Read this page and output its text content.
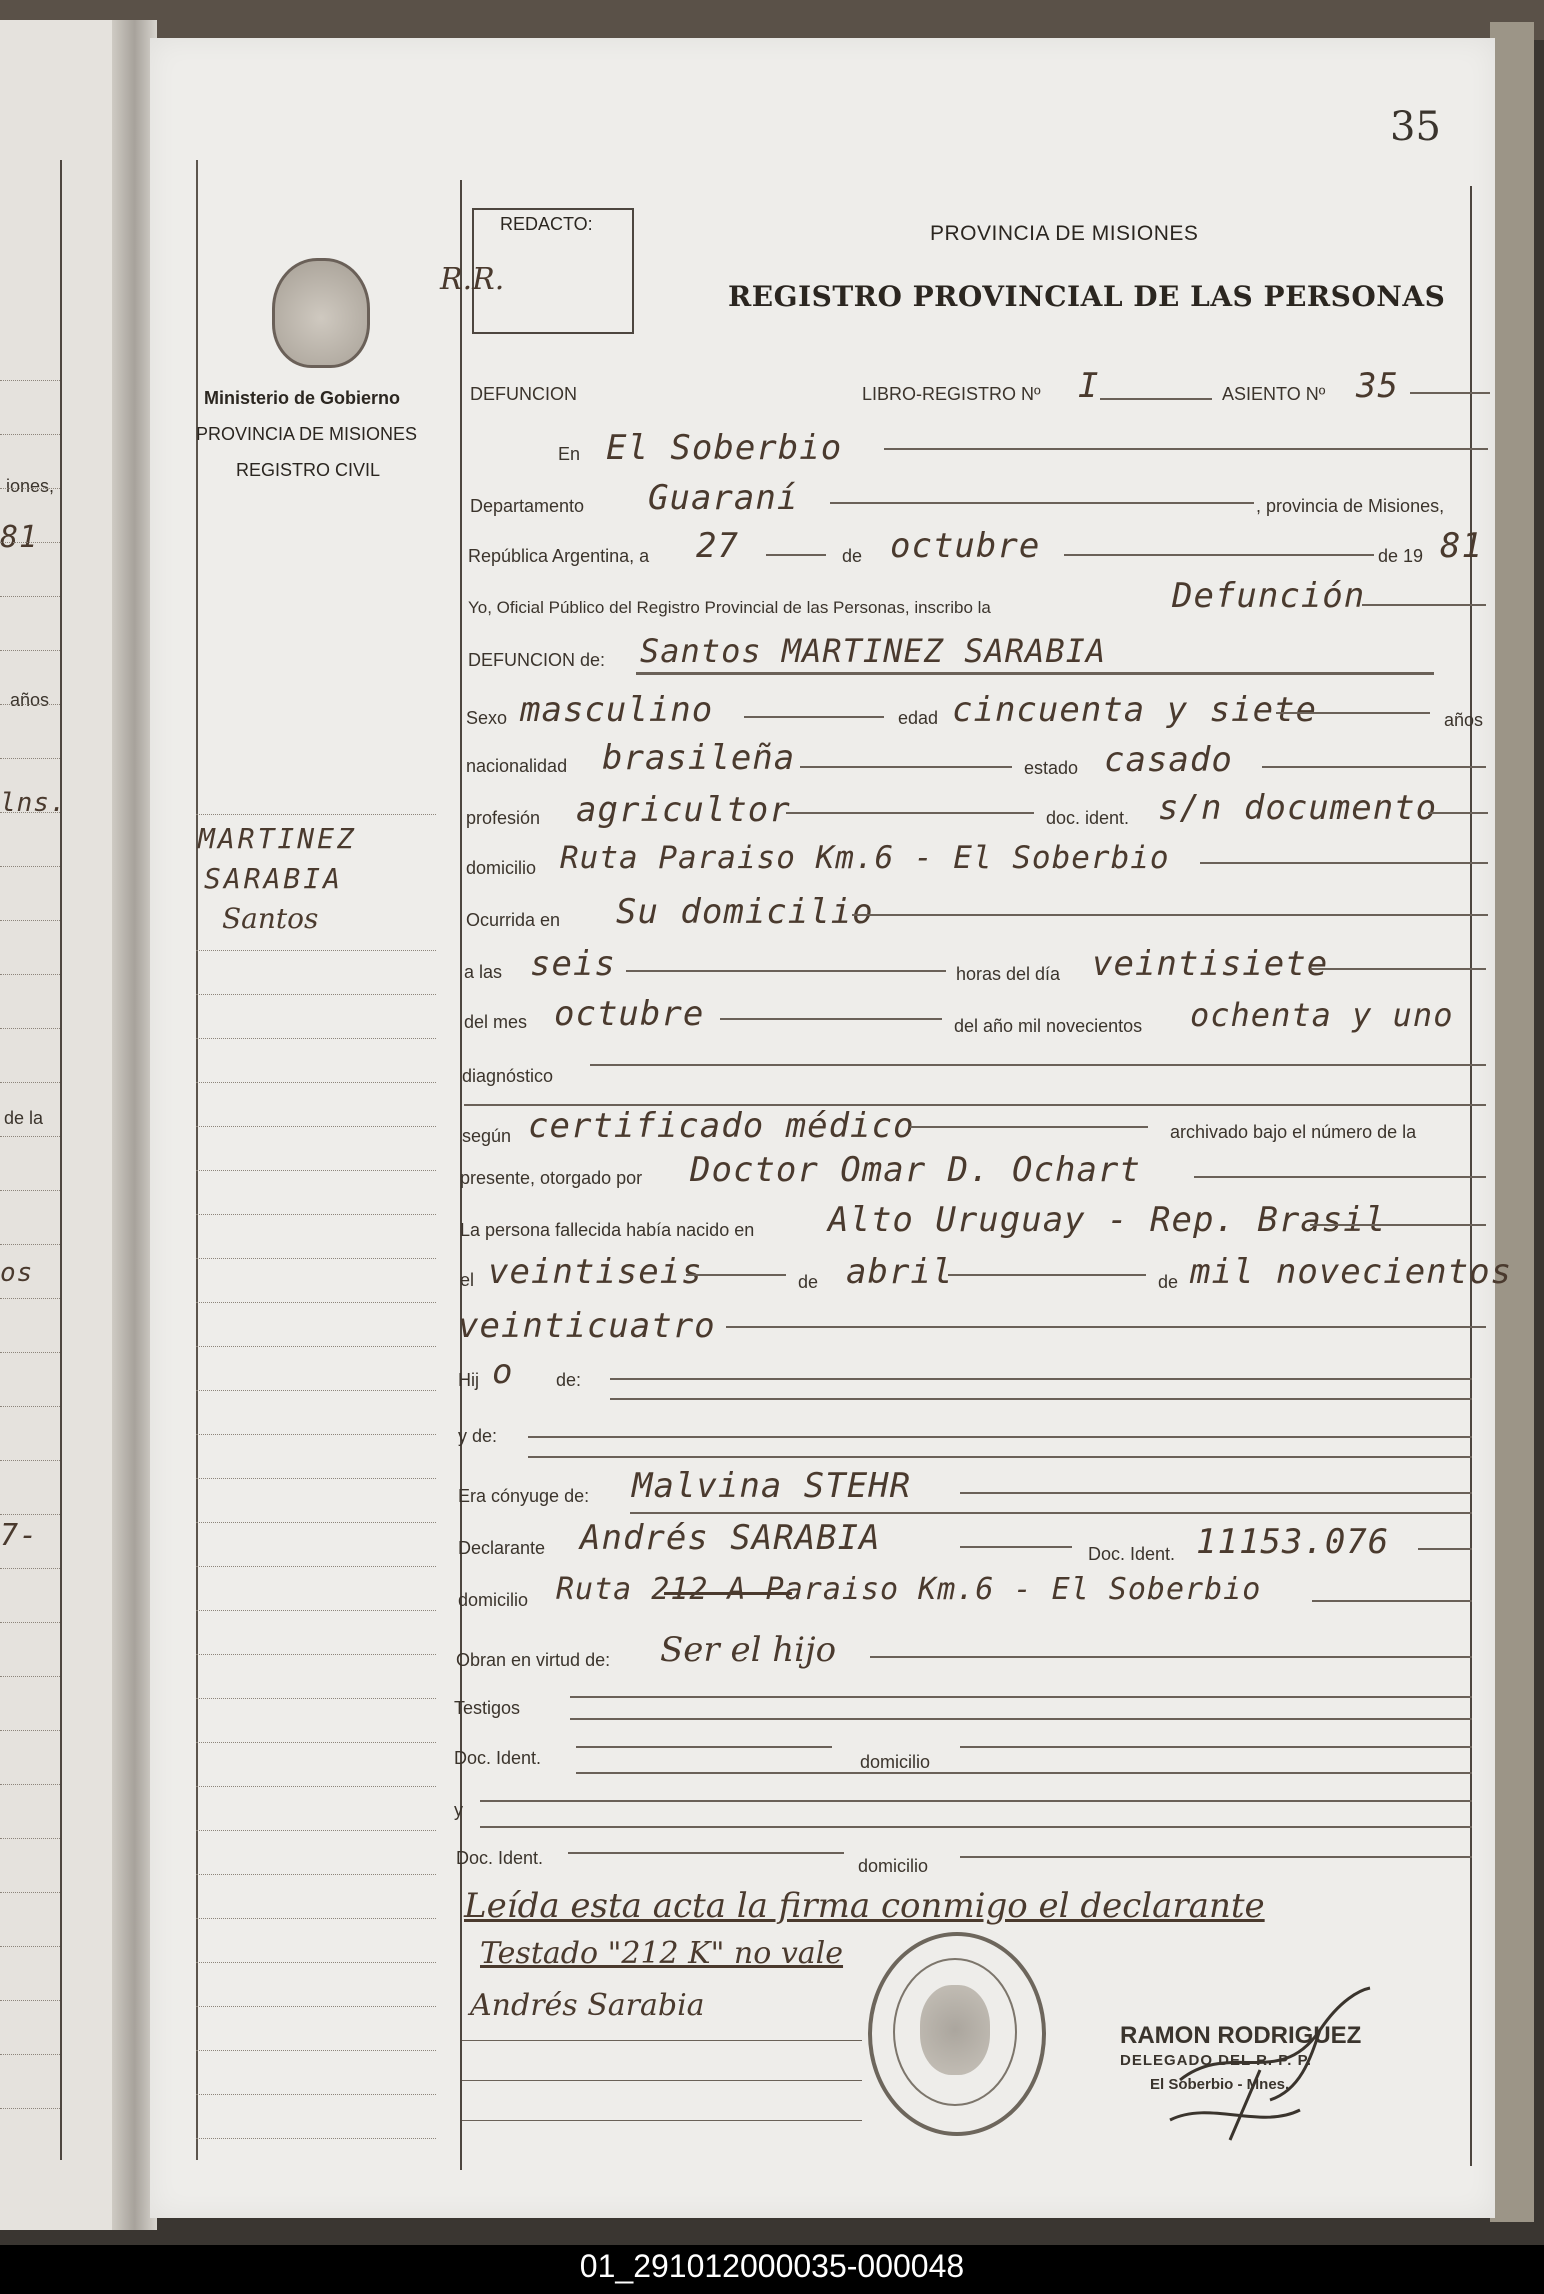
iones,
81
años
lns.
de la
os
7-
35
REDACTO:
R.R.
PROVINCIA DE MISIONES
REGISTRO PROVINCIAL DE LAS PERSONAS
Ministerio de Gobierno
PROVINCIA DE MISIONES
REGISTRO CIVIL
MARTINEZ
SARABIA
Santos
DEFUNCION	LIBRO-REGISTRO Nº I	ASIENTO Nº 35
En El Soberbio
Departamento Guaraní	, provincia de Misiones,
República Argentina, a 27	de octubre	de 19 81
Yo, Oficial Público del Registro Provincial de las Personas, inscribo la	Defunción
DEFUNCION de: Santos MARTINEZ SARABIA
Sexo masculino	edad cincuenta y siete	años
nacionalidad brasileña	estado casado
profesión agricultor	doc. ident. s/n documento
domicilio Ruta Paraiso Km.6 - El Soberbio
Ocurrida en Su domicilio
a las seis	horas del día veintisiete
del mes octubre	del año mil novecientos ochenta y uno
diagnóstico
según certificado médico	archivado bajo el número de la
presente, otorgado por Doctor Omar D. Ochart
La persona fallecida había nacido en Alto Uruguay - Rep. Brasil
el veintiseis	de abril	de mil novecientos
veinticuatro
Hij o de:
y de:
Era cónyuge de: Malvina STEHR
Declarante Andrés SARABIA	Doc. Ident. 11153.076
domicilio Ruta 212 A Paraiso Km.6 - El Soberbio
Obran en virtud de: Ser el hijo
Testigos
Doc. Ident.	domicilio
y
Doc. Ident.	domicilio
Leída esta acta la firma conmigo el declarante
Testado "212 K" no vale
Andrés Sarabia
RAMON RODRIGUEZ
DELEGADO DEL R. P. P.
El Soberbio - Mnes.
01_291012000035-000048
